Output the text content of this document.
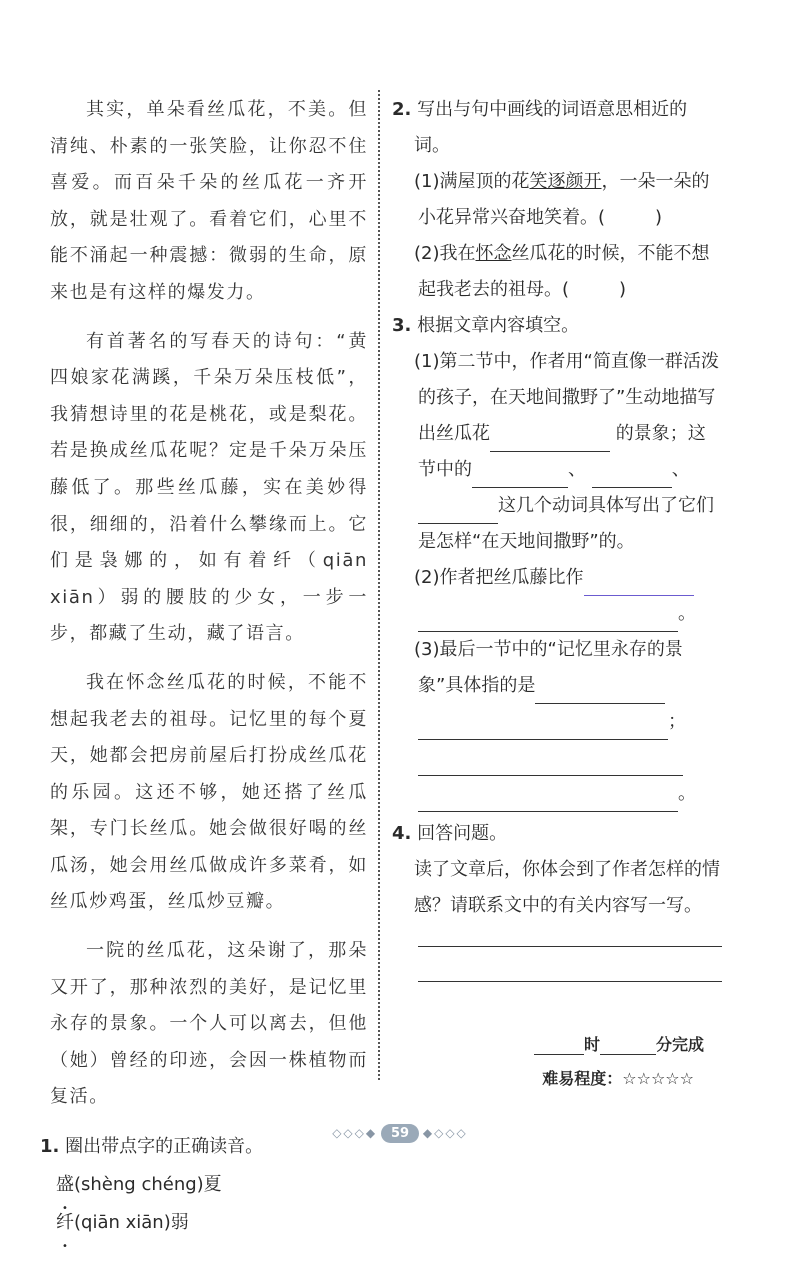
其实，单朵看丝瓜花，不美。但清纯、朴素的一张笑脸，让你忍不住喜爱。而百朵千朵的丝瓜花一齐开放，就是壮观了。看着它们，心里不能不涌起一种震撼：微弱的生命，原来也是有这样的爆发力。

有首著名的写春天的诗句：“黄四娘家花满蹊，千朵万朵压枝低”，我猜想诗里的花是桃花，或是梨花。若是换成丝瓜花呢？定是千朵万朵压藤低了。那些丝瓜藤，实在美妙得很，细细的，沿着什么攀缘而上。它们是袅娜的，如有着纤（qiān xiān）弱的腰肢的少女，一步一步，都藏了生动，藏了语言。

我在怀念丝瓜花的时候，不能不想起我老去的祖母。记忆里的每个夏天，她都会把房前屋后打扮成丝瓜花的乐园。这还不够，她还搭了丝瓜架，专门长丝瓜。她会做很好喝的丝瓜汤，她会用丝瓜做成许多菜肴，如丝瓜炒鸡蛋，丝瓜炒豆瓣。

一院的丝瓜花，这朵谢了，那朵又开了，那种浓烈的美好，是记忆里永存的景象。一个人可以离去，但他（她）曾经的印迹，会因一株植物而复活。

1. 圈出带点字的正确读音。

盛(shèng chéng)夏

纤(qiān xiān)弱

2. 写出与句中画线的词语意思相近的词。

(1)满屋顶的花笑逐颜开，一朵一朵的小花异常兴奋地笑着。(	)

(2)我在怀念丝瓜花的时候，不能不想起我老去的祖母。(	)

3. 根据文章内容填空。

(1)第二节中，作者用“简直像一群活泼的孩子，在天地间撒野了”生动地描写出丝瓜花	的景象；这节中的	、	、这几个动词具体写出了它们是怎样“在天地间撒野”的。

(2)作者把丝瓜藤比作 。

(3)最后一节中的“记忆里永存的景象”具体指的是 ；  。

4. 回答问题。

读了文章后，你体会到了作者怎样的情感？请联系文中的有关内容写一写。

时	分完成
难易程度：☆☆☆☆☆
◇◇◇◆ 59 ◆◇◇◇
